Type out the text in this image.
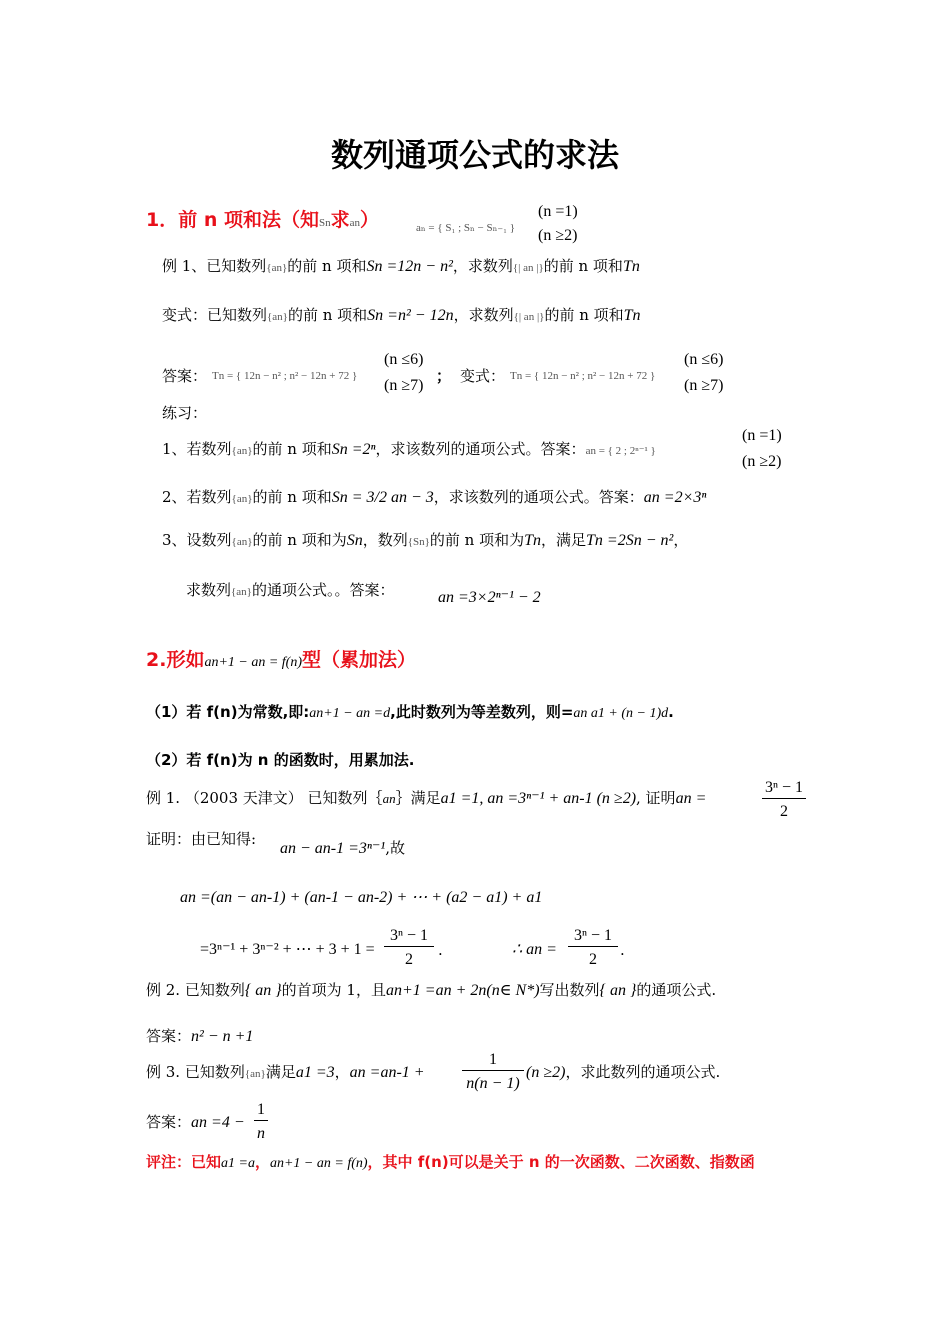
数列通项公式的求法
1．前 n 项和法（知Sn求an）	aₙ = { S₁ ; Sₙ − Sₙ₋₁ }
(n =1)
(n ≥2)
例 1、已知数列{an}的前 n 项和Sn =12n − n²，求数列{| an |}的前 n 项和Tn
变式：已知数列{an}的前 n 项和Sn =n² − 12n，求数列{| an |}的前 n 项和Tn
答案： Tn = { 12n − n² ; n² − 12n + 72 }
(n ≤6)
(n ≥7)
； 变式： Tn = { 12n − n² ; n² − 12n + 72 }
(n ≤6)
(n ≥7)
练习：
1、若数列{an}的前 n 项和Sn =2ⁿ，求该数列的通项公式。答案：an = { 2 ; 2ⁿ⁻¹ }
(n =1)
(n ≥2)
2、若数列{an}的前 n 项和Sn = 3/2 an − 3，求该数列的通项公式。答案：an =2×3ⁿ
3、设数列{an}的前 n 项和为Sn，数列{Sn}的前 n 项和为Tn，满足Tn =2Sn − n²，
求数列{an}的通项公式。。答案：	an =3×2ⁿ⁻¹ − 2
2.形如an+1 − an = f(n)型（累加法）
（1）若 f(n)为常数,即:an+1 − an =d,此时数列为等差数列，则=an a1 + (n − 1)d.
（2）若 f(n)为 n 的函数时，用累加法.
例 1. （2003 天津文） 已知数列｛an｝满足a1 =1, an =3ⁿ⁻¹ + an-1 (n ≥2), 证明an =
3ⁿ − 1
2
证明：由已知得:
an − an-1 =3ⁿ⁻¹,故
an =(an − an-1) + (an-1 − an-2) + ⋯ + (a2 − a1) + a1
=3ⁿ⁻¹ + 3ⁿ⁻² + ⋯ + 3 + 1 =
3ⁿ − 1
2
.	∴ an =
3ⁿ − 1
2
.
例 2. 已知数列{ an }的首项为 1，且an+1 =an + 2n(n∈ N*)写出数列{ an }的通项公式.
答案：n² − n +1
例 3. 已知数列{an}满足a1 =3，an =an-1 +
1
n(n − 1)
(n ≥2)，求此数列的通项公式.
答案：an =4 −
1
n
评注：已知a1 =a，an+1 − an = f(n)，其中 f(n)可以是关于 n 的一次函数、二次函数、指数函
